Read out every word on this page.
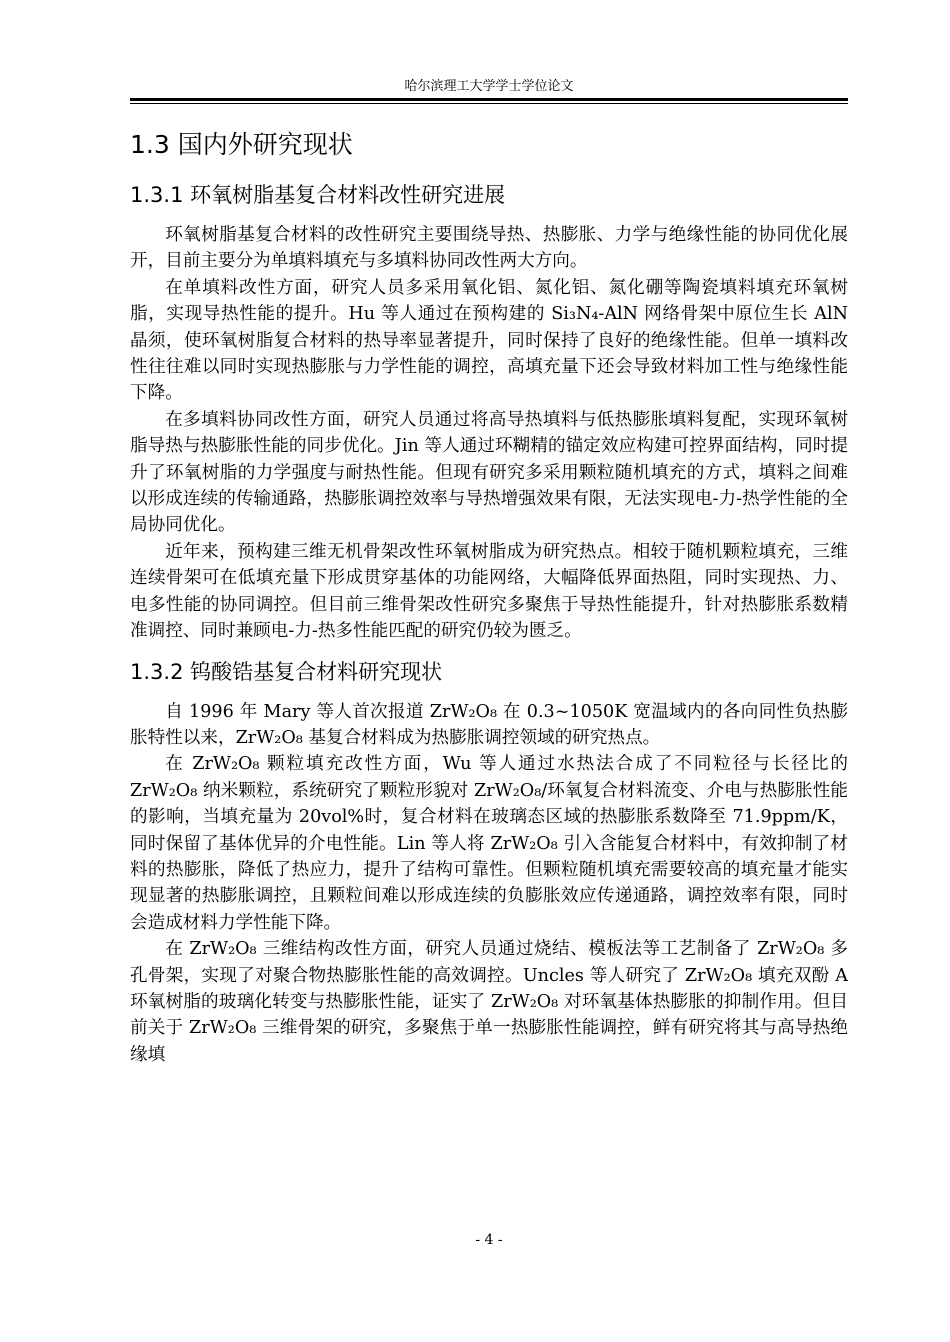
哈尔滨理工大学学士学位论文
1.3 国内外研究现状
1.3.1 环氧树脂基复合材料改性研究进展

环氧树脂基复合材料的改性研究主要围绕导热、热膨胀、力学与绝缘性能的协同优化展开，目前主要分为单填料填充与多填料协同改性两大方向。

在单填料改性方面，研究人员多采用氧化铝、氮化铝、氮化硼等陶瓷填料填充环氧树脂，实现导热性能的提升。Hu 等人通过在预构建的 Si₃N₄-AlN 网络骨架中原位生长 AlN 晶须，使环氧树脂复合材料的热导率显著提升，同时保持了良好的绝缘性能。但单一填料改性往往难以同时实现热膨胀与力学性能的调控，高填充量下还会导致材料加工性与绝缘性能下降。

在多填料协同改性方面，研究人员通过将高导热填料与低热膨胀填料复配，实现环氧树脂导热与热膨胀性能的同步优化。Jin 等人通过环糊精的锚定效应构建可控界面结构，同时提升了环氧树脂的力学强度与耐热性能。但现有研究多采用颗粒随机填充的方式，填料之间难以形成连续的传输通路，热膨胀调控效率与导热增强效果有限，无法实现电-力-热学性能的全局协同优化。

近年来，预构建三维无机骨架改性环氧树脂成为研究热点。相较于随机颗粒填充，三维连续骨架可在低填充量下形成贯穿基体的功能网络，大幅降低界面热阻，同时实现热、力、电多性能的协同调控。但目前三维骨架改性研究多聚焦于导热性能提升，针对热膨胀系数精准调控、同时兼顾电-力-热多性能匹配的研究仍较为匮乏。

1.3.2 钨酸锆基复合材料研究现状

自 1996 年 Mary 等人首次报道 ZrW₂O₈ 在 0.3~1050K 宽温域内的各向同性负热膨胀特性以来，ZrW₂O₈ 基复合材料成为热膨胀调控领域的研究热点。

在 ZrW₂O₈ 颗粒填充改性方面，Wu 等人通过水热法合成了不同粒径与长径比的 ZrW₂O₈ 纳米颗粒，系统研究了颗粒形貌对 ZrW₂O₈/环氧复合材料流变、介电与热膨胀性能的影响，当填充量为 20vol%时，复合材料在玻璃态区域的热膨胀系数降至 71.9ppm/K，同时保留了基体优异的介电性能。Lin 等人将 ZrW₂O₈ 引入含能复合材料中，有效抑制了材料的热膨胀，降低了热应力，提升了结构可靠性。但颗粒随机填充需要较高的填充量才能实现显著的热膨胀调控，且颗粒间难以形成连续的负膨胀效应传递通路，调控效率有限，同时会造成材料力学性能下降。

在 ZrW₂O₈ 三维结构改性方面，研究人员通过烧结、模板法等工艺制备了 ZrW₂O₈ 多孔骨架，实现了对聚合物热膨胀性能的高效调控。Uncles 等人研究了 ZrW₂O₈ 填充双酚 A 环氧树脂的玻璃化转变与热膨胀性能，证实了 ZrW₂O₈ 对环氧基体热膨胀的抑制作用。但目前关于 ZrW₂O₈ 三维骨架的研究，多聚焦于单一热膨胀性能调控，鲜有研究将其与高导热绝缘填

- 4 -
